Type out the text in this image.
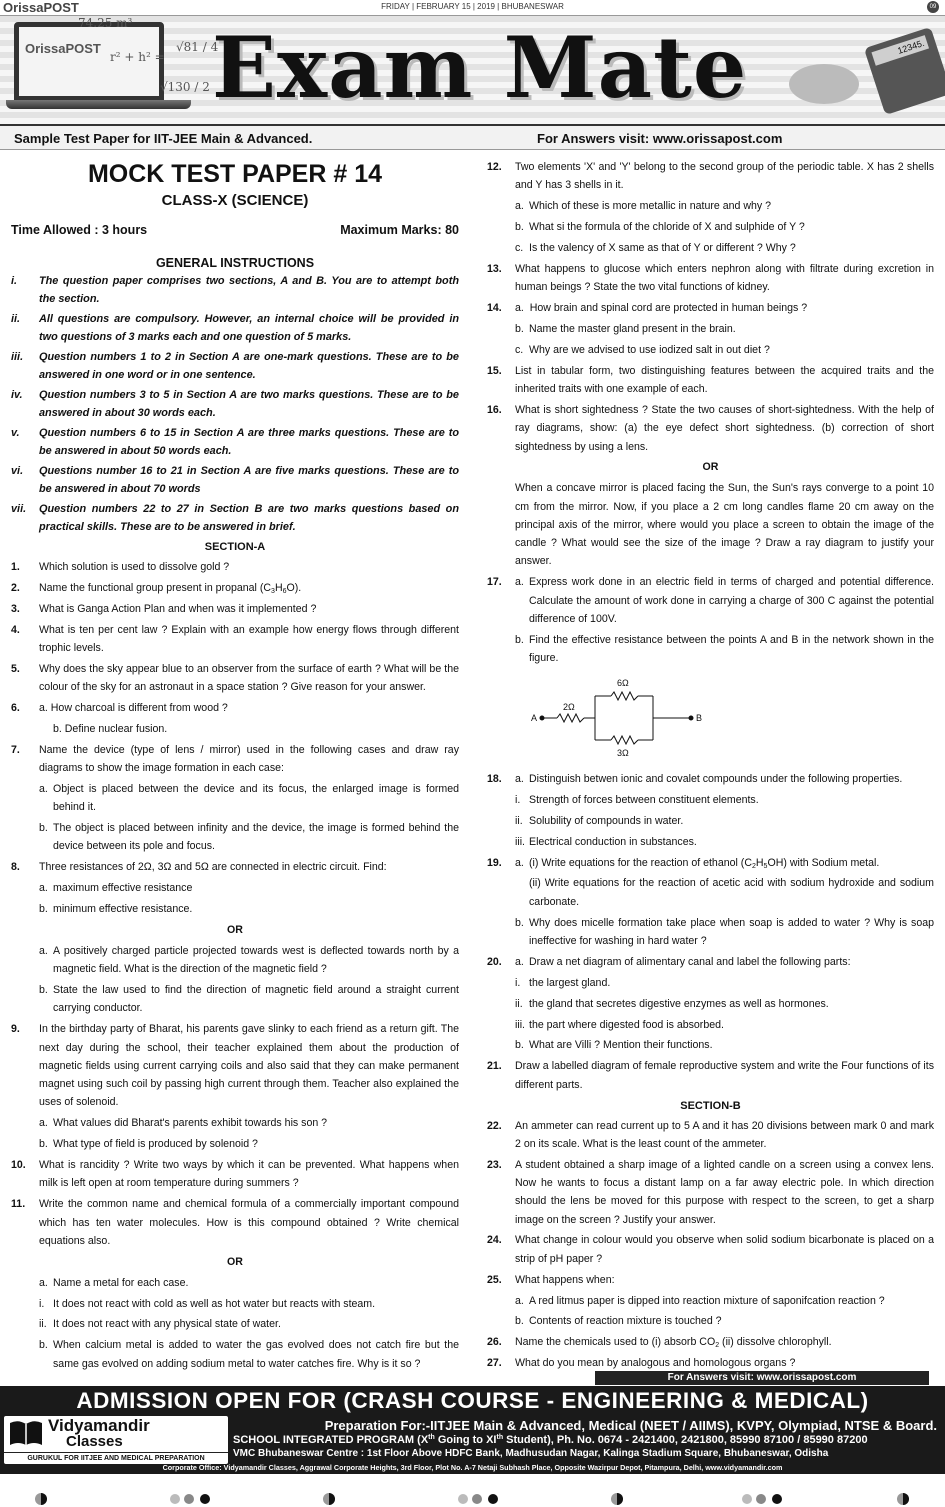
OrissaPOST	FRIDAY | FEBRUARY 15 | 2019 | BHUBANESWAR	09
OrissaPOST
74.25 m³
r² + h² =
√81 / 4
√130 / 2 Exam Mate	12345.
Sample Test Paper for IIT-JEE Main & Advanced.	For Answers visit: www.orissapost.com
MOCK TEST PAPER # 14
CLASS-X (SCIENCE)
Time Allowed : 3 hours	Maximum Marks: 80
GENERAL INSTRUCTIONS
i.	The question paper comprises two sections, A and B. You are to attempt both the section.
ii.	All questions are compulsory. However, an internal choice will be provided in two questions of 3 marks each and one question of 5 marks.
iii.	Question numbers 1 to 2 in Section A are one-mark questions. These are to be answered in one word or in one sentence.
iv.	Question numbers 3 to 5 in Section A are two marks questions. These are to be answered in about 30 words each.
v.	Question numbers 6 to 15 in Section A are three marks questions. These are to be answered in about 50 words each.
vi.	Questions number 16 to 21 in Section A are five marks questions. These are to be answered in about 70 words
vii.	Question numbers 22 to 27 in Section B are two marks questions based on practical skills. These are to be answered in brief.
SECTION-A
1.	Which solution is used to dissolve gold ?
2.	Name the functional group present in propanal $(C_3H_6O)$.
3.	What is Ganga Action Plan and when was it implemented ?
4.	What is ten per cent law ? Explain with an example how energy flows through different trophic levels.
5.	Why does the sky appear blue to an observer from the surface of earth ? What will be the colour of the sky for an astronaut in a space station ? Give reason for your answer.
6.	a. How charcoal is different from wood ?
b. Define nuclear fusion.
7.	Name the device (type of lens / mirror) used in the following cases and draw ray diagrams to show the image formation in each case:
a. Object is placed between the device and its focus, the enlarged image is formed behind it.
b. The object is placed between infinity and the device, the image is formed behind the device between its pole and focus.
8.	Three resistances of 2Ω, 3Ω and 5Ω are connected in electric circuit. Find:
a. maximum effective resistance
b. minimum effective resistance.
OR
a. A positively charged particle projected towards west is deflected towards north by a magnetic field. What is the direction of the magnetic field ?
b. State the law used to find the direction of magnetic field around a straight current carrying conductor.
9.	In the birthday party of Bharat, his parents gave slinky to each friend as a return gift. The next day during the school, their teacher explained them about the production of magnetic fields using current carrying coils and also said that they can make permanent magnet using such coil by passing high current through them. Teacher also explained the uses of solenoid.
a. What values did Bharat's parents exhibit towards his son ?
b. What type of field is produced by solenoid ?
10.	What is rancidity ? Write two ways by which it can be prevented. What happens when milk is left open at room temperature during summers ?
11.	Write the common name and chemical formula of a commercially important compound which has ten water molecules. How is this compound obtained ? Write chemical equations also.
OR
a. Name a metal for each case.
i. It does not react with cold as well as hot water but reacts with steam.
ii. It does not react with any physical state of water.
b. When calcium metal is added to water the gas evolved does not catch fire but the same gas evolved on adding sodium metal to water catches fire. Why is it so ?
12.	Two elements 'X' and 'Y' belong to the second group of the periodic table. X has 2 shells and Y has 3 shells in it.
a. Which of these is more metallic in nature and why ?
b. What si the formula of the chloride of X and sulphide of Y ?
c. Is the valency of X same as that of Y or different ? Why ?
13.	What happens to glucose which enters nephron along with filtrate during excretion in human beings ? State the two vital functions of kidney.
14.	a. How brain and spinal cord are protected in human beings ?
b. Name the master gland present in the brain.
c. Why are we advised to use iodized salt in out diet ?
15.	List in tabular form, two distinguishing features between the acquired traits and the inherited traits with one example of each.
16.	What is short sightedness ? State the two causes of short-sightedness. With the help of ray diagrams, show: (a) the eye defect short sightedness. (b) correction of short sightedness by using a lens.
OR
When a concave mirror is placed facing the Sun, the Sun's rays converge to a point 10 cm from the mirror. Now, if you place a 2 cm long candles flame 20 cm away on the principal axis of the mirror, where would you place a screen to obtain the image of the candle ? What would see the size of the image ? Draw a ray diagram to justify your answer.
17.	a. Express work done in an electric field in terms of charged and potential difference. Calculate the amount of work done in carrying a charge of 300 C against the potential difference of 100V.
b. Find the effective resistance between the points A and B in the network shown in the figure.
6Ω
2Ω
3Ω
A	B
18.	a. Distinguish betwen ionic and covalet compounds under the following properties.
i. Strength of forces between constituent elements.
ii. Solubility of compounds in water.
iii. Electrical conduction in substances.
19.	a. (i) Write equations for the reaction of ethanol $(C_2H_5OH)$ with Sodium metal.
(ii) Write equations for the reaction of acetic acid with sodium hydroxide and sodium carbonate.
b. Why does micelle formation take place when soap is added to water ? Why is soap ineffective for washing in hard water ?
20.	a. Draw a net diagram of alimentary canal and label the following parts:
i. the largest gland.
ii. the gland that secretes digestive enzymes as well as hormones.
iii. the part where digested food is absorbed.
b. What are Villi ? Mention their functions.
21.	Draw a labelled diagram of female reproductive system and write the Four functions of its different parts.
SECTION-B
22.	An ammeter can read current up to 5 A and it has 20 divisions between mark 0 and mark 2 on its scale. What is the least count of the ammeter.
23.	A student obtained a sharp image of a lighted candle on a screen using a convex lens. Now he wants to focus a distant lamp on a far away electric pole. In which direction should the lens be moved for this purpose with respect to the screen, to get a sharp image on the screen ? Justify your answer.
24.	What change in colour would you observe when solid sodium bicarbonate is placed on a strip of pH paper ?
25.	What happens when:
a. A red litmus paper is dipped into reaction mixture of saponifcation reaction ?
b. Contents of reaction mixture is touched ?
26.	Name the chemicals used to (i) absorb $CO_2$ (ii) dissolve chlorophyll.
27.	What do you mean by analogous and homologous organs ?
For Answers visit: www.orissapost.com
ADMISSION OPEN FOR (CRASH COURSE - ENGINEERING & MEDICAL)
Vidyamandir
Classes
GURUKUL FOR IITJEE AND MEDICAL PREPARATION
Preparation For:-IITJEE Main & Advanced, Medical (NEET / AIIMS), KVPY, Olympiad, NTSE & Board.
SCHOOL INTEGRATED PROGRAM (Xth Going to XIth Student), Ph. No. 0674 - 2421400, 2421800, 85990 87100 / 85990 87200
VMC Bhubaneswar Centre : 1st Floor Above HDFC Bank, Madhusudan Nagar, Kalinga Stadium Square, Bhubaneswar, Odisha
Corporate Office: Vidyamandir Classes, Aggrawal Corporate Heights, 3rd Floor, Plot No. A-7 Netaji Subhash Place, Opposite Wazirpur Depot, Pitampura, Delhi, www.vidyamandir.com
